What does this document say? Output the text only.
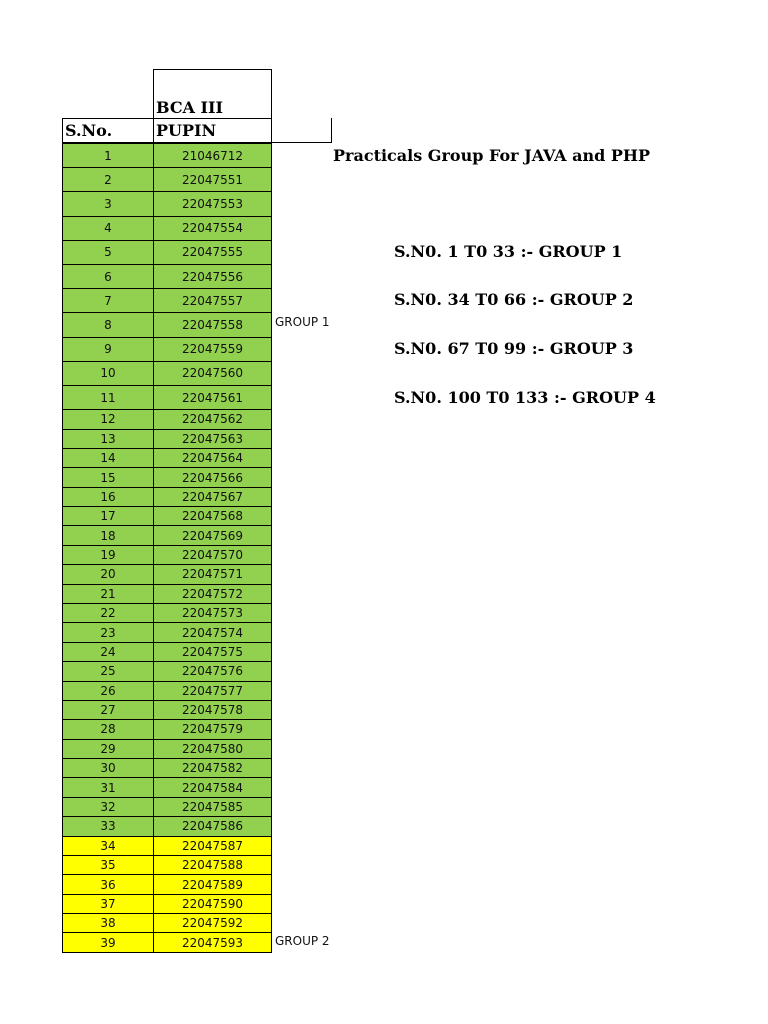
BCA III
S.No.	PUPIN
1	21046712
2	22047551
3	22047553
4	22047554
5	22047555
6	22047556
7	22047557
8	22047558
9	22047559
10	22047560
11	22047561
12	22047562
13	22047563
14	22047564
15	22047566
16	22047567
17	22047568
18	22047569
19	22047570
20	22047571
21	22047572
22	22047573
23	22047574
24	22047575
25	22047576
26	22047577
27	22047578
28	22047579
29	22047580
30	22047582
31	22047584
32	22047585
33	22047586
34	22047587
35	22047588
36	22047589
37	22047590
38	22047592
39	22047593
GROUP 1
GROUP 2
Practicals Group For JAVA and PHP
S.N0. 1 T0 33 :- GROUP 1
S.N0. 34 T0 66 :- GROUP 2
S.N0. 67 T0 99 :- GROUP 3
S.N0. 100 T0 133 :- GROUP 4
